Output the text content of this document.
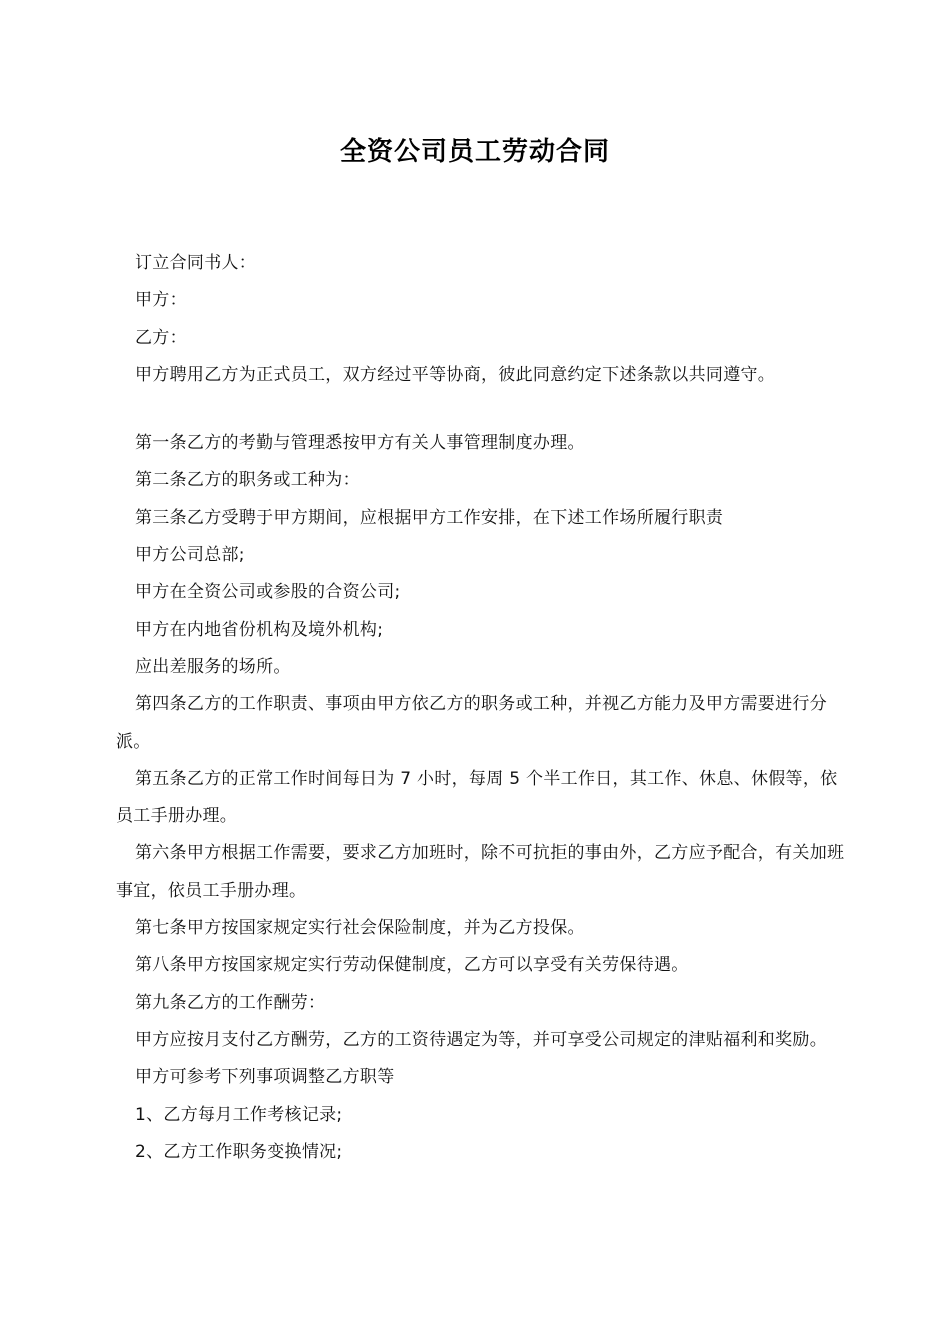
全资公司员工劳动合同

订立合同书人：

甲方：

乙方：

甲方聘用乙方为正式员工，双方经过平等协商，彼此同意约定下述条款以共同遵守。

第一条乙方的考勤与管理悉按甲方有关人事管理制度办理。

第二条乙方的职务或工种为：

第三条乙方受聘于甲方期间，应根据甲方工作安排，在下述工作场所履行职责

甲方公司总部;

甲方在全资公司或参股的合资公司;

甲方在内地省份机构及境外机构;

应出差服务的场所。

第四条乙方的工作职责、事项由甲方依乙方的职务或工种，并视乙方能力及甲方需要进行分派。

第五条乙方的正常工作时间每日为 7 小时，每周 5 个半工作日，其工作、休息、休假等，依员工手册办理。

第六条甲方根据工作需要，要求乙方加班时，除不可抗拒的事由外，乙方应予配合，有关加班事宜，依员工手册办理。

第七条甲方按国家规定实行社会保险制度，并为乙方投保。

第八条甲方按国家规定实行劳动保健制度，乙方可以享受有关劳保待遇。

第九条乙方的工作酬劳：

甲方应按月支付乙方酬劳，乙方的工资待遇定为等，并可享受公司规定的津贴福利和奖励。

甲方可参考下列事项调整乙方职等

1、乙方每月工作考核记录;

2、乙方工作职务变换情况;
